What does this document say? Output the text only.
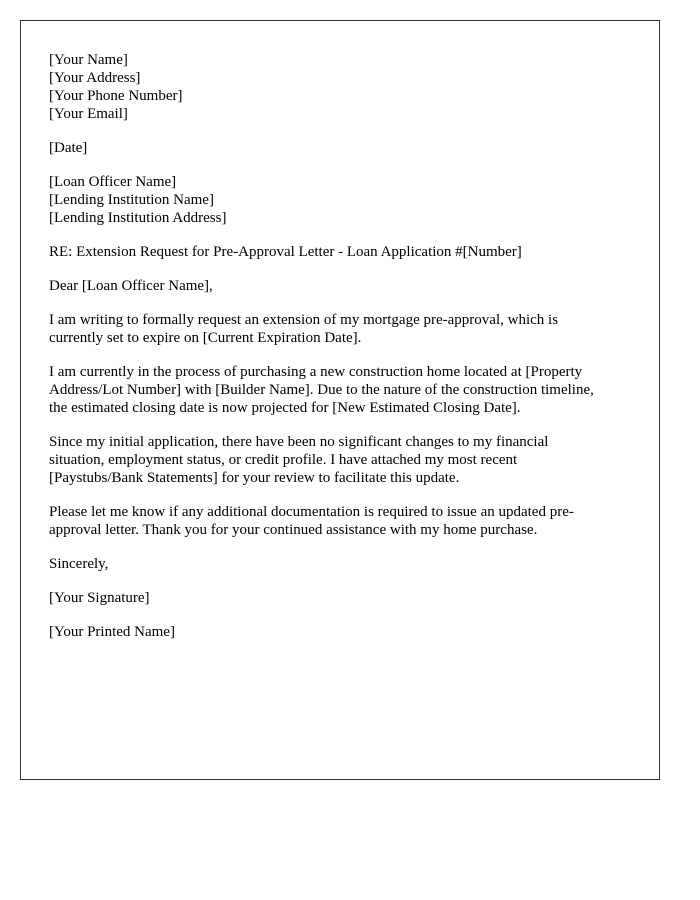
[Your Name]
[Your Address]
[Your Phone Number]
[Your Email]
[Date]
[Loan Officer Name]
[Lending Institution Name]
[Lending Institution Address]
RE: Extension Request for Pre-Approval Letter - Loan Application #[Number]
Dear [Loan Officer Name],
I am writing to formally request an extension of my mortgage pre-approval, which is
currently set to expire on [Current Expiration Date].
I am currently in the process of purchasing a new construction home located at [Property
Address/Lot Number] with [Builder Name]. Due to the nature of the construction timeline,
the estimated closing date is now projected for [New Estimated Closing Date].
Since my initial application, there have been no significant changes to my financial
situation, employment status, or credit profile. I have attached my most recent
[Paystubs/Bank Statements] for your review to facilitate this update.
Please let me know if any additional documentation is required to issue an updated pre-
approval letter. Thank you for your continued assistance with my home purchase.
Sincerely,
[Your Signature]
[Your Printed Name]
